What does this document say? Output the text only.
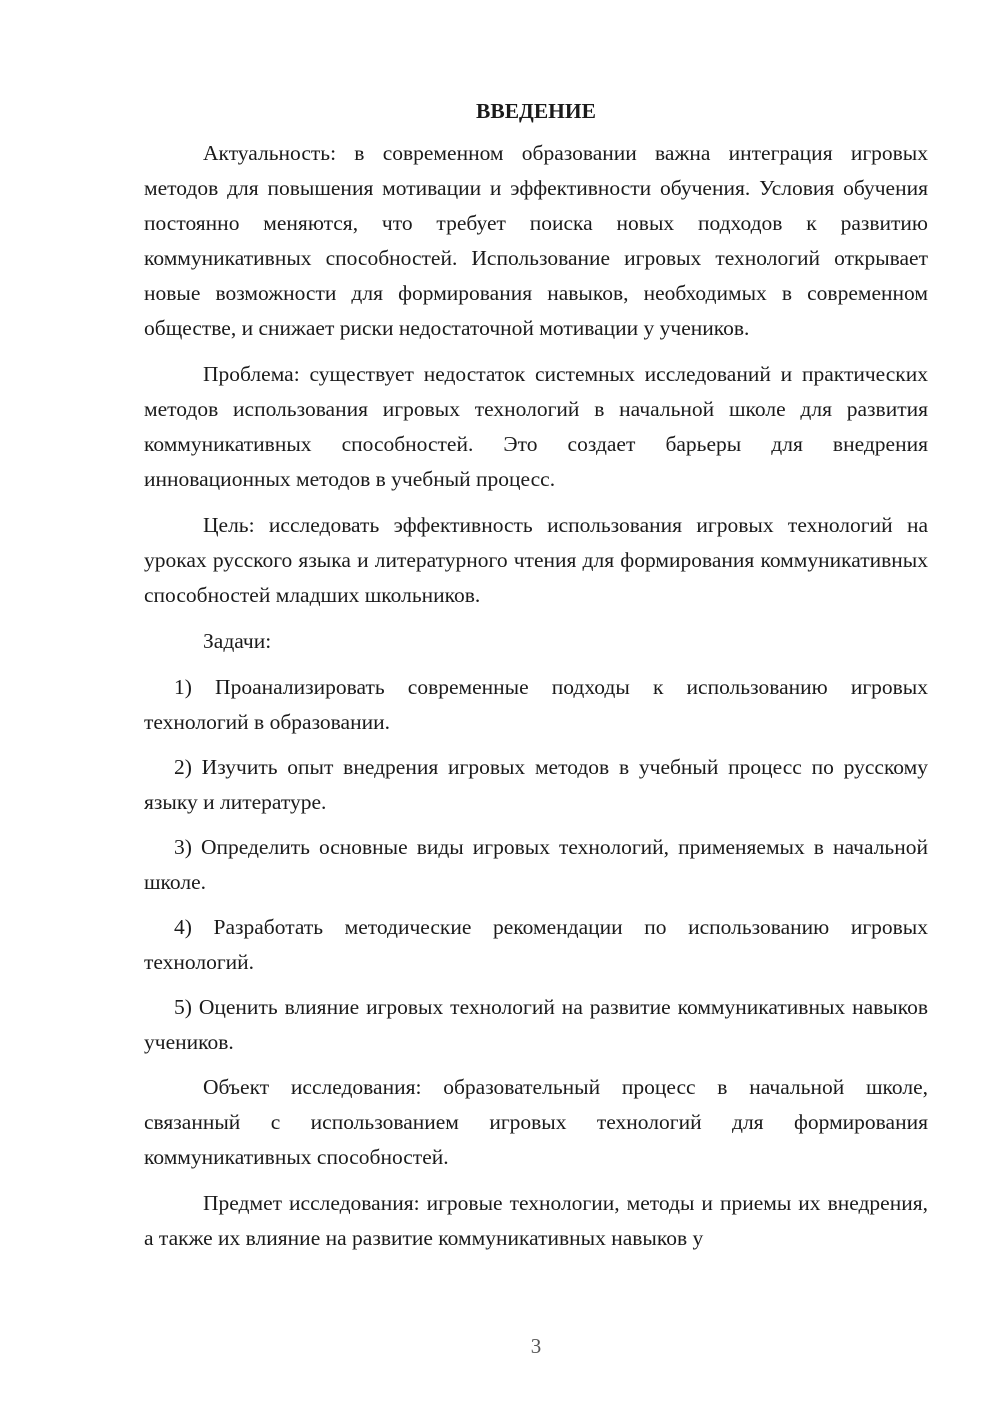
ВВЕДЕНИЕ

Актуальность: в современном образовании важна интеграция игровых методов для повышения мотивации и эффективности обучения. Условия обучения постоянно меняются, что требует поиска новых подходов к развитию коммуникативных способностей. Использование игровых технологий открывает новые возможности для формирования навыков, необходимых в современном обществе, и снижает риски недостаточной мотивации у учеников.

Проблема: существует недостаток системных исследований и практических методов использования игровых технологий в начальной школе для развития коммуникативных способностей. Это создает барьеры для внедрения инновационных методов в учебный процесс.

Цель: исследовать эффективность использования игровых технологий на уроках русского языка и литературного чтения для формирования коммуникативных способностей младших школьников.

Задачи:

1) Проанализировать современные подходы к использованию игровых технологий в образовании.

2) Изучить опыт внедрения игровых методов в учебный процесс по русскому языку и литературе.

3) Определить основные виды игровых технологий, применяемых в начальной школе.

4) Разработать методические рекомендации по использованию игровых технологий.

5) Оценить влияние игровых технологий на развитие коммуникативных навыков учеников.

Объект исследования: образовательный процесс в начальной школе, связанный с использованием игровых технологий для формирования коммуникативных способностей.

Предмет исследования: игровые технологии, методы и приемы их внедрения, а также их влияние на развитие коммуникативных навыков у

3
